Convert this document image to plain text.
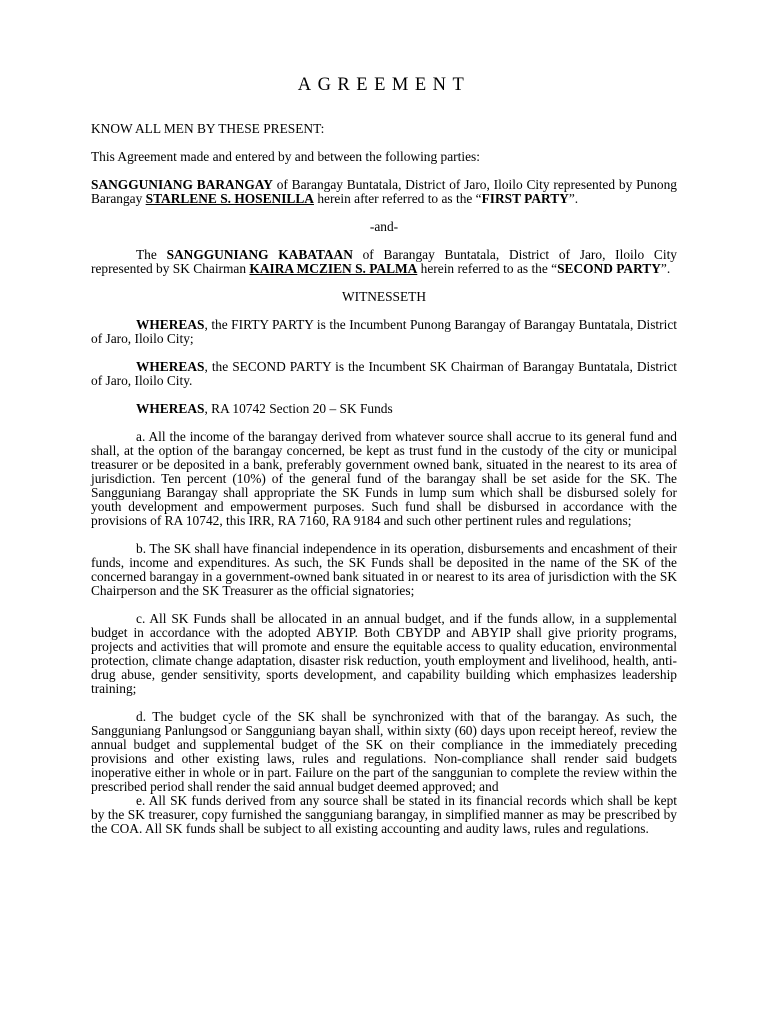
AGREEMENT

KNOW ALL MEN BY THESE PRESENT:

This Agreement made and entered by and between the following parties:

SANGGUNIANG BARANGAY of Barangay Buntatala, District of Jaro, Iloilo City represented by Punong Barangay STARLENE S. HOSENILLA herein after referred to as the “FIRST PARTY”.

-and-

The SANGGUNIANG KABATAAN of Barangay Buntatala, District of Jaro, Iloilo City represented by SK Chairman KAIRA MCZIEN S. PALMA herein referred to as the “SECOND PARTY”.

WITNESSETH

WHEREAS, the FIRTY PARTY is the Incumbent Punong Barangay of Barangay Buntatala, District of Jaro, Iloilo City;

WHEREAS, the SECOND PARTY is the Incumbent SK Chairman of Barangay Buntatala, District of Jaro, Iloilo City.

WHEREAS, RA 10742 Section 20 – SK Funds

a. All the income of the barangay derived from whatever source shall accrue to its general fund and shall, at the option of the barangay concerned, be kept as trust fund in the custody of the city or municipal treasurer or be deposited in a bank, preferably government owned bank, situated in the nearest to its area of jurisdiction. Ten percent (10%) of the general fund of the barangay shall be set aside for the SK. The Sangguniang Barangay shall appropriate the SK Funds in lump sum which shall be disbursed solely for youth development and empowerment purposes. Such fund shall be disbursed in accordance with the provisions of RA 10742, this IRR, RA 7160, RA 9184 and such other pertinent rules and regulations;

b. The SK shall have financial independence in its operation, disbursements and encashment of their funds, income and expenditures. As such, the SK Funds shall be deposited in the name of the SK of the concerned barangay in a government-owned bank situated in or nearest to its area of jurisdiction with the SK Chairperson and the SK Treasurer as the official signatories;

c. All SK Funds shall be allocated in an annual budget, and if the funds allow, in a supplemental budget in accordance with the adopted ABYIP. Both CBYDP and ABYIP shall give priority programs, projects and activities that will promote and ensure the equitable access to quality education, environmental protection, climate change adaptation, disaster risk reduction, youth employment and livelihood, health, anti-drug abuse, gender sensitivity, sports development, and capability building which emphasizes leadership training;

d. The budget cycle of the SK shall be synchronized with that of the barangay. As such, the Sangguniang Panlungsod or Sangguniang bayan shall, within sixty (60) days upon receipt hereof, review the annual budget and supplemental budget of the SK on their compliance in the immediately preceding provisions and other existing laws, rules and regulations. Non-compliance shall render said budgets inoperative either in whole or in part. Failure on the part of the sanggunian to complete the review within the prescribed period shall render the said annual budget deemed approved; and

e. All SK funds derived from any source shall be stated in its financial records which shall be kept by the SK treasurer, copy furnished the sangguniang barangay, in simplified manner as may be prescribed by the COA. All SK funds shall be subject to all existing accounting and audity laws, rules and regulations.
